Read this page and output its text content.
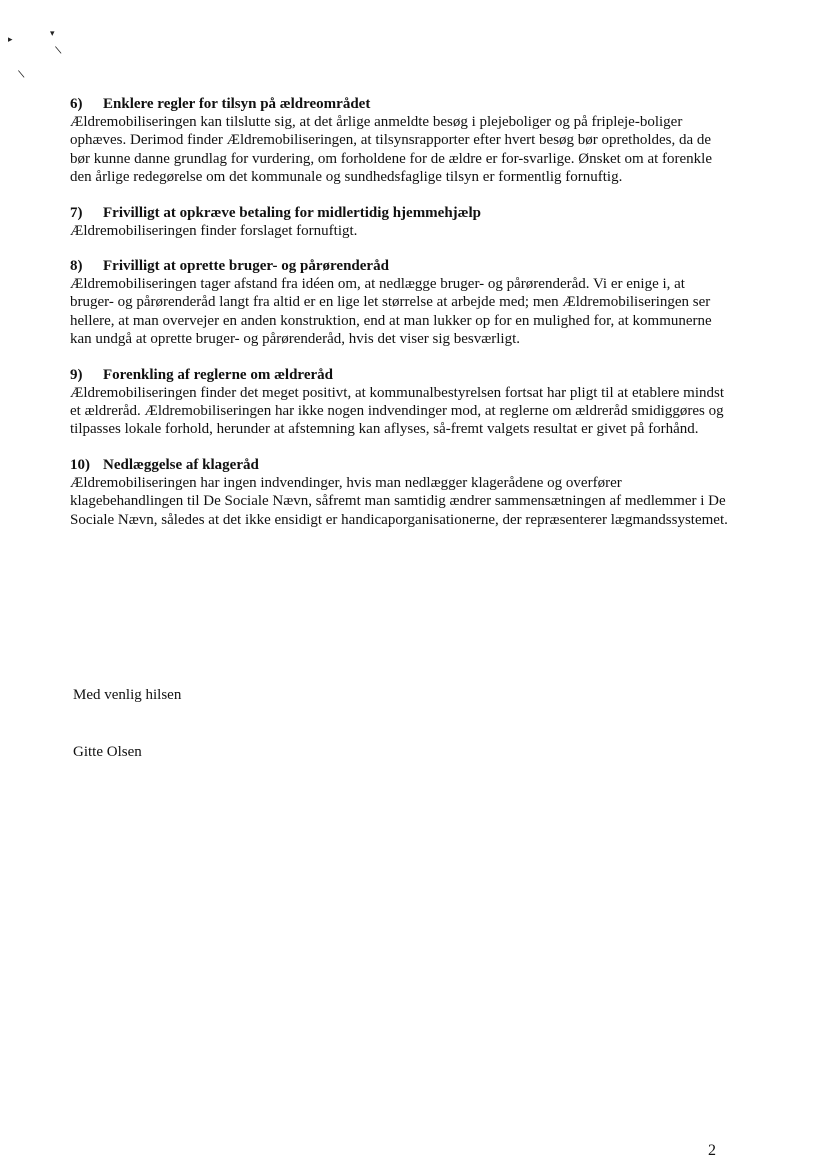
▸
▾
❘
❘

6) Enklere regler for tilsyn på ældreområdet

Ældremobiliseringen kan tilslutte sig, at det årlige anmeldte besøg i plejeboliger og på fripleje-boliger ophæves. Derimod finder Ældremobiliseringen, at tilsynsrapporter efter hvert besøg bør opretholdes, da de bør kunne danne grundlag for vurdering, om forholdene for de ældre er for-svarlige. Ønsket om at forenkle den årlige redegørelse om det kommunale og sundhedsfaglige tilsyn er formentlig fornuftig.

7) Frivilligt at opkræve betaling for midlertidig hjemmehjælp

Ældremobiliseringen finder forslaget fornuftigt.

8) Frivilligt at oprette bruger- og pårørenderåd

Ældremobiliseringen tager afstand fra idéen om, at nedlægge bruger- og pårørenderåd. Vi er enige i, at bruger- og pårørenderåd langt fra altid er en lige let størrelse at arbejde med; men Ældremobiliseringen ser hellere, at man overvejer en anden konstruktion, end at man lukker op for en mulighed for, at kommunerne kan undgå at oprette bruger- og pårørenderåd, hvis det viser sig besværligt.

9) Forenkling af reglerne om ældreråd

Ældremobiliseringen finder det meget positivt, at kommunalbestyrelsen fortsat har pligt til at etablere mindst et ældreråd. Ældremobiliseringen har ikke nogen indvendinger mod, at reglerne om ældreråd smidiggøres og tilpasses lokale forhold, herunder at afstemning kan aflyses, så-fremt valgets resultat er givet på forhånd.

10) Nedlæggelse af klageråd

Ældremobiliseringen har ingen indvendinger, hvis man nedlægger klagerådene og overfører klagebehandlingen til De Sociale Nævn, såfremt man samtidig ændrer sammensætningen af medlemmer i De Sociale Nævn, således at det ikke ensidigt er handicaporganisationerne, der repræsenterer lægmandssystemet.

Med venlig hilsen
Gitte Olsen
2
